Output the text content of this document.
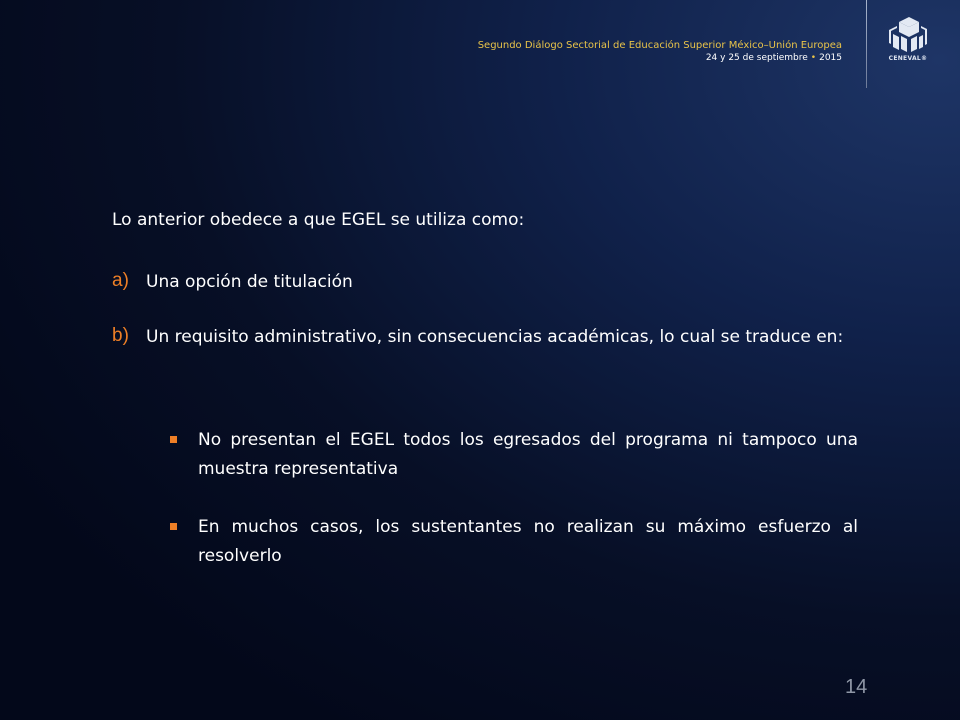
Segundo Diálogo Sectorial de Educación Superior México–Unión Europea
24 y 25 de septiembre • 2015	CENEVAL®
Lo anterior obedece a que EGEL se utiliza como:
a) Una opción de titulación
b) Un requisito administrativo, sin consecuencias académicas, lo cual se traduce en:
No presentan el EGEL todos los egresados del programa ni tampoco una muestra representativa
En muchos casos, los sustentantes no realizan su máximo esfuerzo al resolverlo
14
